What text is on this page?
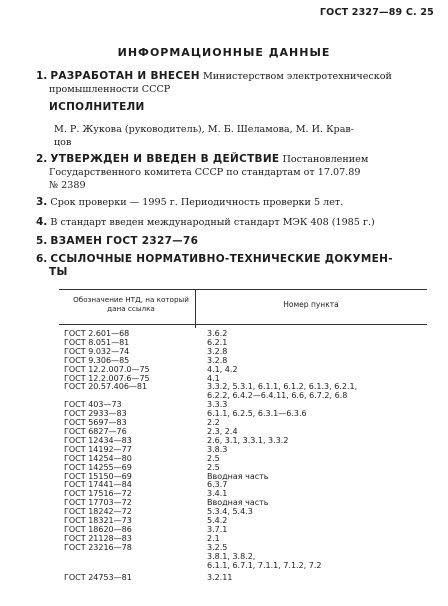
ГОСТ 2327—89 С. 25
ИНФОРМАЦИОННЫЕ ДАННЫЕ
1. РАЗРАБОТАН И ВНЕСЕН Министерством электротехнической
промышленности СССР
ИСПОЛНИТЕЛИ
М. Р. Жукова (руководитель), М. Б. Шеламова, М. И. Крав-
цов
2. УТВЕРЖДЕН И ВВЕДЕН В ДЕЙСТВИЕ Постановлением
Государственного комитета СССР по стандартам от 17.07.89
№ 2389
3. Срок проверки — 1995 г. Периодичность проверки 5 лет.
4. В стандарт введен международный стандарт МЭК 408 (1985 г.)
5. ВЗАМЕН ГОСТ 2327—76
6. ССЫЛОЧНЫЕ НОРМАТИВНО-ТЕХНИЧЕСКИЕ ДОКУМЕН-
ТЫ
Обозначение НТД, на который дана ссылка	Номер пункта
ГОСТ 2.601—68	3.6.2
ГОСТ 8.051—81	6.2.1
ГОСТ 9.032—74	3.2.8
ГОСТ 9.306—85	3.2.8
ГОСТ 12.2.007.0—75	4.1, 4.2
ГОСТ 12.2.007.6—75	4.1
ГОСТ 20.57.406—81	3.3.2, 5.3.1, 6.1.1, 6.1.2, 6.1.3, 6.2.1,
6.2.2, 6.4.2—6.4.11, 6.6, 6.7.2, 6.8
ГОСТ 403—73	3.3.3
ГОСТ 2933—83	6.1.1, 6.2.5, 6.3.1—6.3.6
ГОСТ 5697—83	2.2
ГОСТ 6827—76	2.3, 2.4
ГОСТ 12434—83	2.6, 3.1, 3.3.1, 3.3.2
ГОСТ 14192—77	3.8.3
ГОСТ 14254—80	2.5
ГОСТ 14255—69	2.5
ГОСТ 15150—69	Вводная часть
ГОСТ 17441—84	6.3.7
ГОСТ 17516—72	3.4.1
ГОСТ 17703—72	Вводная часть
ГОСТ 18242—72	5.3.4, 5.4.3
ГОСТ 18321—73	5.4.2
ГОСТ 18620—86	3.7.1
ГОСТ 21128—83	2.1
ГОСТ 23216—78	3.2.5
3.8.1, 3.8.2,
6.1.1, 6.7.1, 7.1.1, 7.1.2, 7.2
ГОСТ 24753—81	3.2.11
